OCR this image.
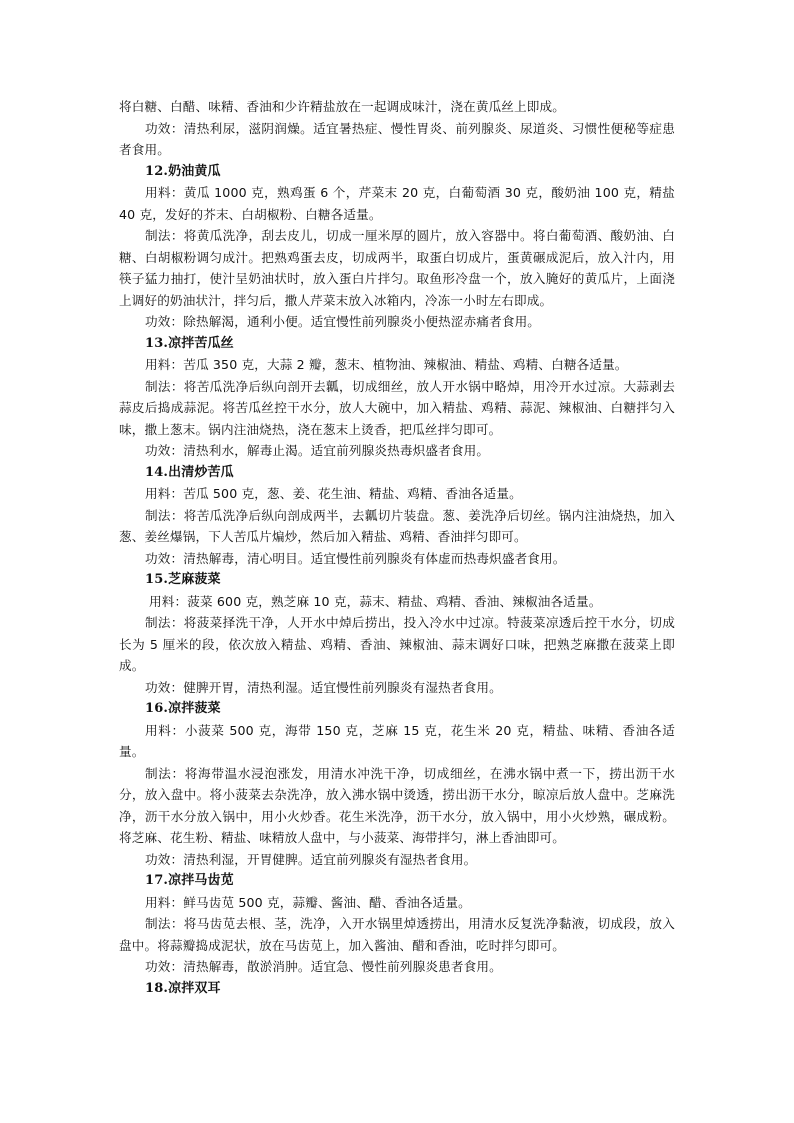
将白糖、白醋、味精、香油和少许精盐放在一起调成味汁，浇在黄瓜丝上即成。

功效：清热利尿，滋阴润燥。适宜暑热症、慢性胃炎、前列腺炎、尿道炎、习惯性便秘等症患者食用。

12.奶油黄瓜

用料：黄瓜 1000 克，熟鸡蛋 6 个，芹菜末 20 克，白葡萄酒 30 克，酸奶油 100 克，精盐 40 克，发好的芥末、白胡椒粉、白糖各适量。

制法：将黄瓜洗净，刮去皮儿，切成一厘米厚的圆片，放入容器中。将白葡萄酒、酸奶油、白糖、白胡椒粉调匀成汁。把熟鸡蛋去皮，切成两半，取蛋白切成片，蛋黄碾成泥后，放入汁内，用筷子猛力抽打，使汁呈奶油状时，放入蛋白片拌匀。取鱼形冷盘一个，放入腌好的黄瓜片，上面浇上调好的奶油状汁，拌匀后，撒人芹菜末放入冰箱内，冷冻一小时左右即成。

功效：除热解渴，通利小便。适宜慢性前列腺炎小便热涩赤痛者食用。

13.凉拌苦瓜丝

用料：苦瓜 350 克，大蒜 2 瓣，葱末、植物油、辣椒油、精盐、鸡精、白糖各适量。

制法：将苦瓜洗净后纵向剖开去瓤，切成细丝，放人开水锅中略焯，用冷开水过凉。大蒜剥去蒜皮后捣成蒜泥。将苦瓜丝控干水分，放人大碗中，加入精盐、鸡精、蒜泥、辣椒油、白糖拌匀入味，撒上葱末。锅内注油烧热，浇在葱末上烫香，把瓜丝拌匀即可。

功效：清热利水，解毒止渴。适宜前列腺炎热毒炽盛者食用。

14.出清炒苦瓜

用料：苦瓜 500 克，葱、姜、花生油、精盐、鸡精、香油各适量。

制法：将苦瓜洗净后纵向剖成两半，去瓤切片装盘。葱、姜洗净后切丝。锅内注油烧热，加入葱、姜丝爆锅，下人苦瓜片煸炒，然后加入精盐、鸡精、香油拌匀即可。

功效：清热解毒，清心明目。适宜慢性前列腺炎有体虚而热毒炽盛者食用。

15.芝麻菠菜

用料：菠菜 600 克，熟芝麻 10 克，蒜末、精盐、鸡精、香油、辣椒油各适量。

制法：将菠菜择洗干净，人开水中焯后捞出，投入冷水中过凉。特菠菜凉透后控干水分，切成长为 5 厘米的段，依次放入精盐、鸡精、香油、辣椒油、蒜末调好口味，把熟芝麻撒在菠菜上即成。

功效：健脾开胃，清热利湿。适宜慢性前列腺炎有湿热者食用。

16.凉拌菠菜

用料：小菠菜 500 克，海带 150 克，芝麻 15 克，花生米 20 克，精盐、味精、香油各适量。

制法：将海带温水浸泡涨发，用清水冲洗干净，切成细丝，在沸水锅中煮一下，捞出沥干水分，放入盘中。将小菠菜去杂洗净，放入沸水锅中烫透，捞出沥干水分，晾凉后放人盘中。芝麻洗净，沥干水分放入锅中，用小火炒香。花生米洗净，沥干水分，放入锅中，用小火炒熟，碾成粉。将芝麻、花生粉、精盐、味精放人盘中，与小菠菜、海带拌匀，淋上香油即可。

功效：清热利湿，开胃健脾。适宜前列腺炎有湿热者食用。

17.凉拌马齿苋

用料：鲜马齿苋 500 克，蒜瓣、酱油、醋、香油各适量。

制法：将马齿苋去根、茎，洗净，入开水锅里焯透捞出，用清水反复洗净黏液，切成段，放入盘中。将蒜瓣捣成泥状，放在马齿苋上，加入酱油、醋和香油，吃时拌匀即可。

功效：清热解毒，散淤消肿。适宜急、慢性前列腺炎患者食用。

18.凉拌双耳
